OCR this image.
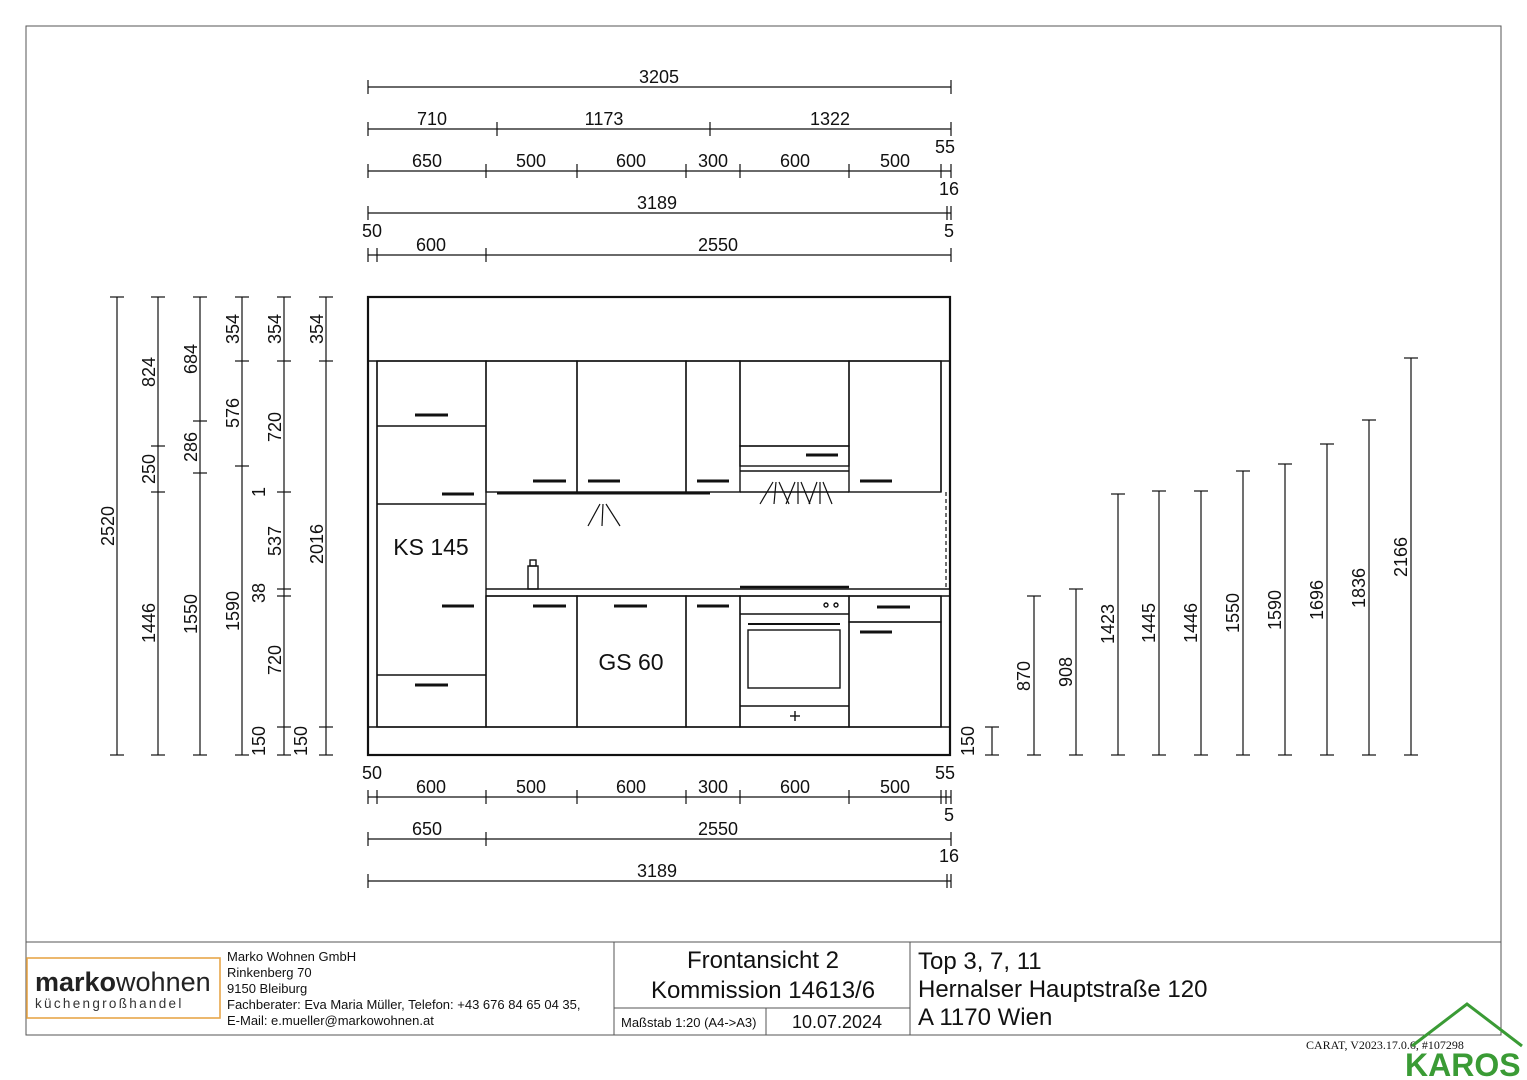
3205
710	1173	1322
650	500	600	300	600	500
55
16
3189
50	5
600	2550
2520
824
250
1446
684
286
1550
354
576
1
1590
150
354
720
537
38
720
150
354
2016	KS 145
GS 60
150
870 908
1423 1445 1446 1550 1590 1696 1836
2166
50	55
600	500	600	300	600	500
5
650	2550
16
3189
markowohnen
küchengroßhandel
Marko Wohnen GmbH
Rinkenberg 70
9150 Bleiburg
Fachberater: Eva Maria Müller, Telefon: +43 676 84 65 04 35,
E-Mail: e.mueller@markowohnen.at
Frontansicht 2
Kommission 14613/6
Maßstab 1:20 (A4->A3) 10.07.2024
Top 3, 7, 11
Hernalser Hauptstraße 120
A 1170 Wien
CARAT, V2023.17.0.6, #107298
KAROS
